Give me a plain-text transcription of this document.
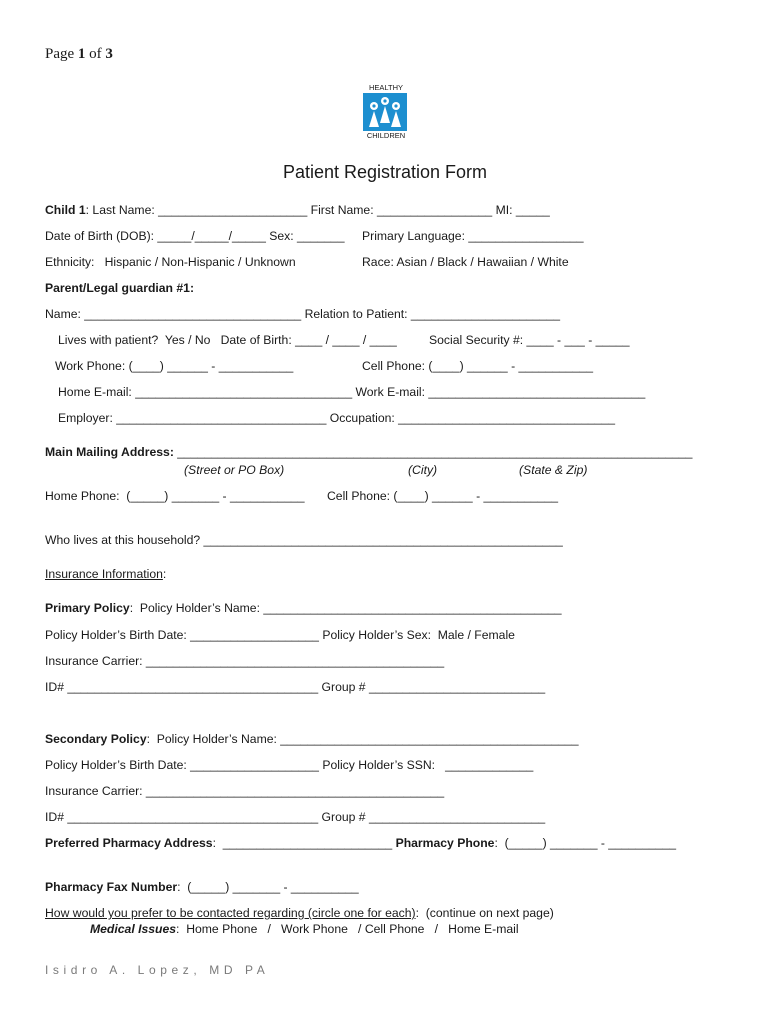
Page 1 of 3
HEALTHY
CHILDREN
Patient Registration Form
Child 1: Last Name: ______________________ First Name: _________________ MI: _____
Date of Birth (DOB): _____/_____/_____ Sex: _______ Primary Language: _________________
Ethnicity:   Hispanic / Non-Hispanic / Unknown	Race: Asian / Black / Hawaiian / White
Parent/Legal guardian #1:
Name: ________________________________ Relation to Patient: ______________________
Lives with patient?  Yes / No   Date of Birth: ____ / ____ / ____	Social Security #: ____ - ___ - _____
Work Phone: (____) ______ - ___________	Cell Phone: (____) ______ - ___________
Home E-mail: ________________________________ Work E-mail: ________________________________
Employer: _______________________________ Occupation: ________________________________
Main Mailing Address: ____________________________________________________________________________
(Street or PO Box)	(City)	(State & Zip)
Home Phone:  (_____) _______ - ___________ Cell Phone: (____) ______ - ___________
Who lives at this household? _____________________________________________________
Insurance Information:
Primary Policy:  Policy Holder’s Name: ____________________________________________
Policy Holder’s Birth Date: ___________________ Policy Holder’s Sex:  Male / Female
Insurance Carrier: ____________________________________________
ID# _____________________________________ Group # __________________________
Secondary Policy:  Policy Holder’s Name: ____________________________________________
Policy Holder’s Birth Date: ___________________ Policy Holder’s SSN:   _____________
Insurance Carrier: ____________________________________________
ID# _____________________________________ Group # __________________________
Preferred Pharmacy Address:  _________________________ Pharmacy Phone:  (_____) _______ - __________
Pharmacy Fax Number:  (_____) _______ - __________
How would you prefer to be contacted regarding (circle one for each):  (continue on next page)
Medical Issues:  Home Phone   /   Work Phone   / Cell Phone   /   Home E-mail
Isidro A. Lopez, MD PA
